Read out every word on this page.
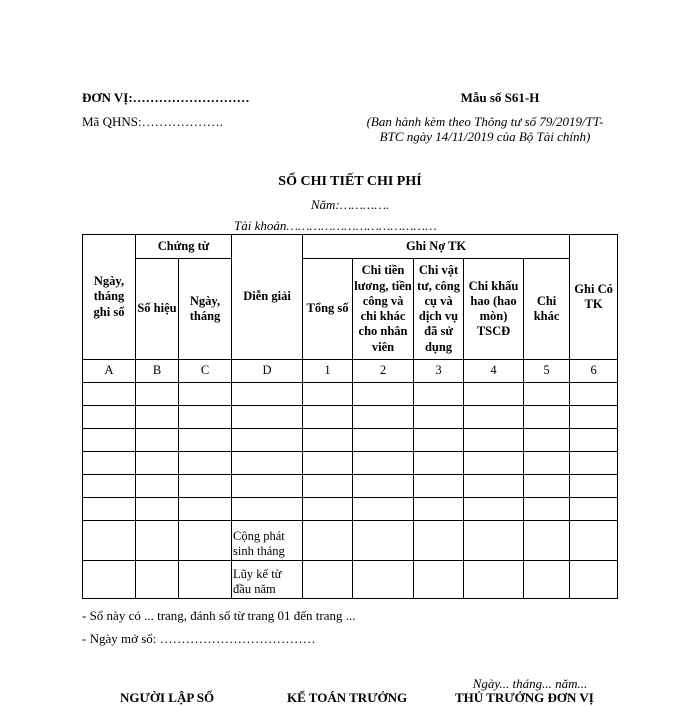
ĐƠN VỊ:………………………
Mã QHNS:……………….
Mẫu số S61-H
(Ban hành kèm theo Thông tư số 79/2019/TT-
BTC ngày 14/11/2019 của Bộ Tài chính)
SỔ CHI TIẾT CHI PHÍ
Năm:………….
Tài khoản…………………………………
Ngày, tháng ghi sổ	Chứng từ		Diễn giải	Ghi Nợ TK					Ghi Có TK
	Số hiệu	Ngày, tháng		Tổng số	Chi tiền lương, tiền công và chi khác cho nhân viên	Chi vật tư, công cụ và dịch vụ đã sử dụng	Chi khấu hao (hao mòn) TSCĐ	Chi khác	
A	B	C	D	1	2	3	4	5	6

			Cộng phát sinh tháng						
			Lũy kế từ đầu năm						
- Sổ này có ... trang, đánh số từ trang 01 đến trang ...
- Ngày mở sổ: ………………………………
Ngày... tháng... năm...
NGƯỜI LẬP SỔ	KẾ TOÁN TRƯỞNG	THỦ TRƯỞNG ĐƠN VỊ
